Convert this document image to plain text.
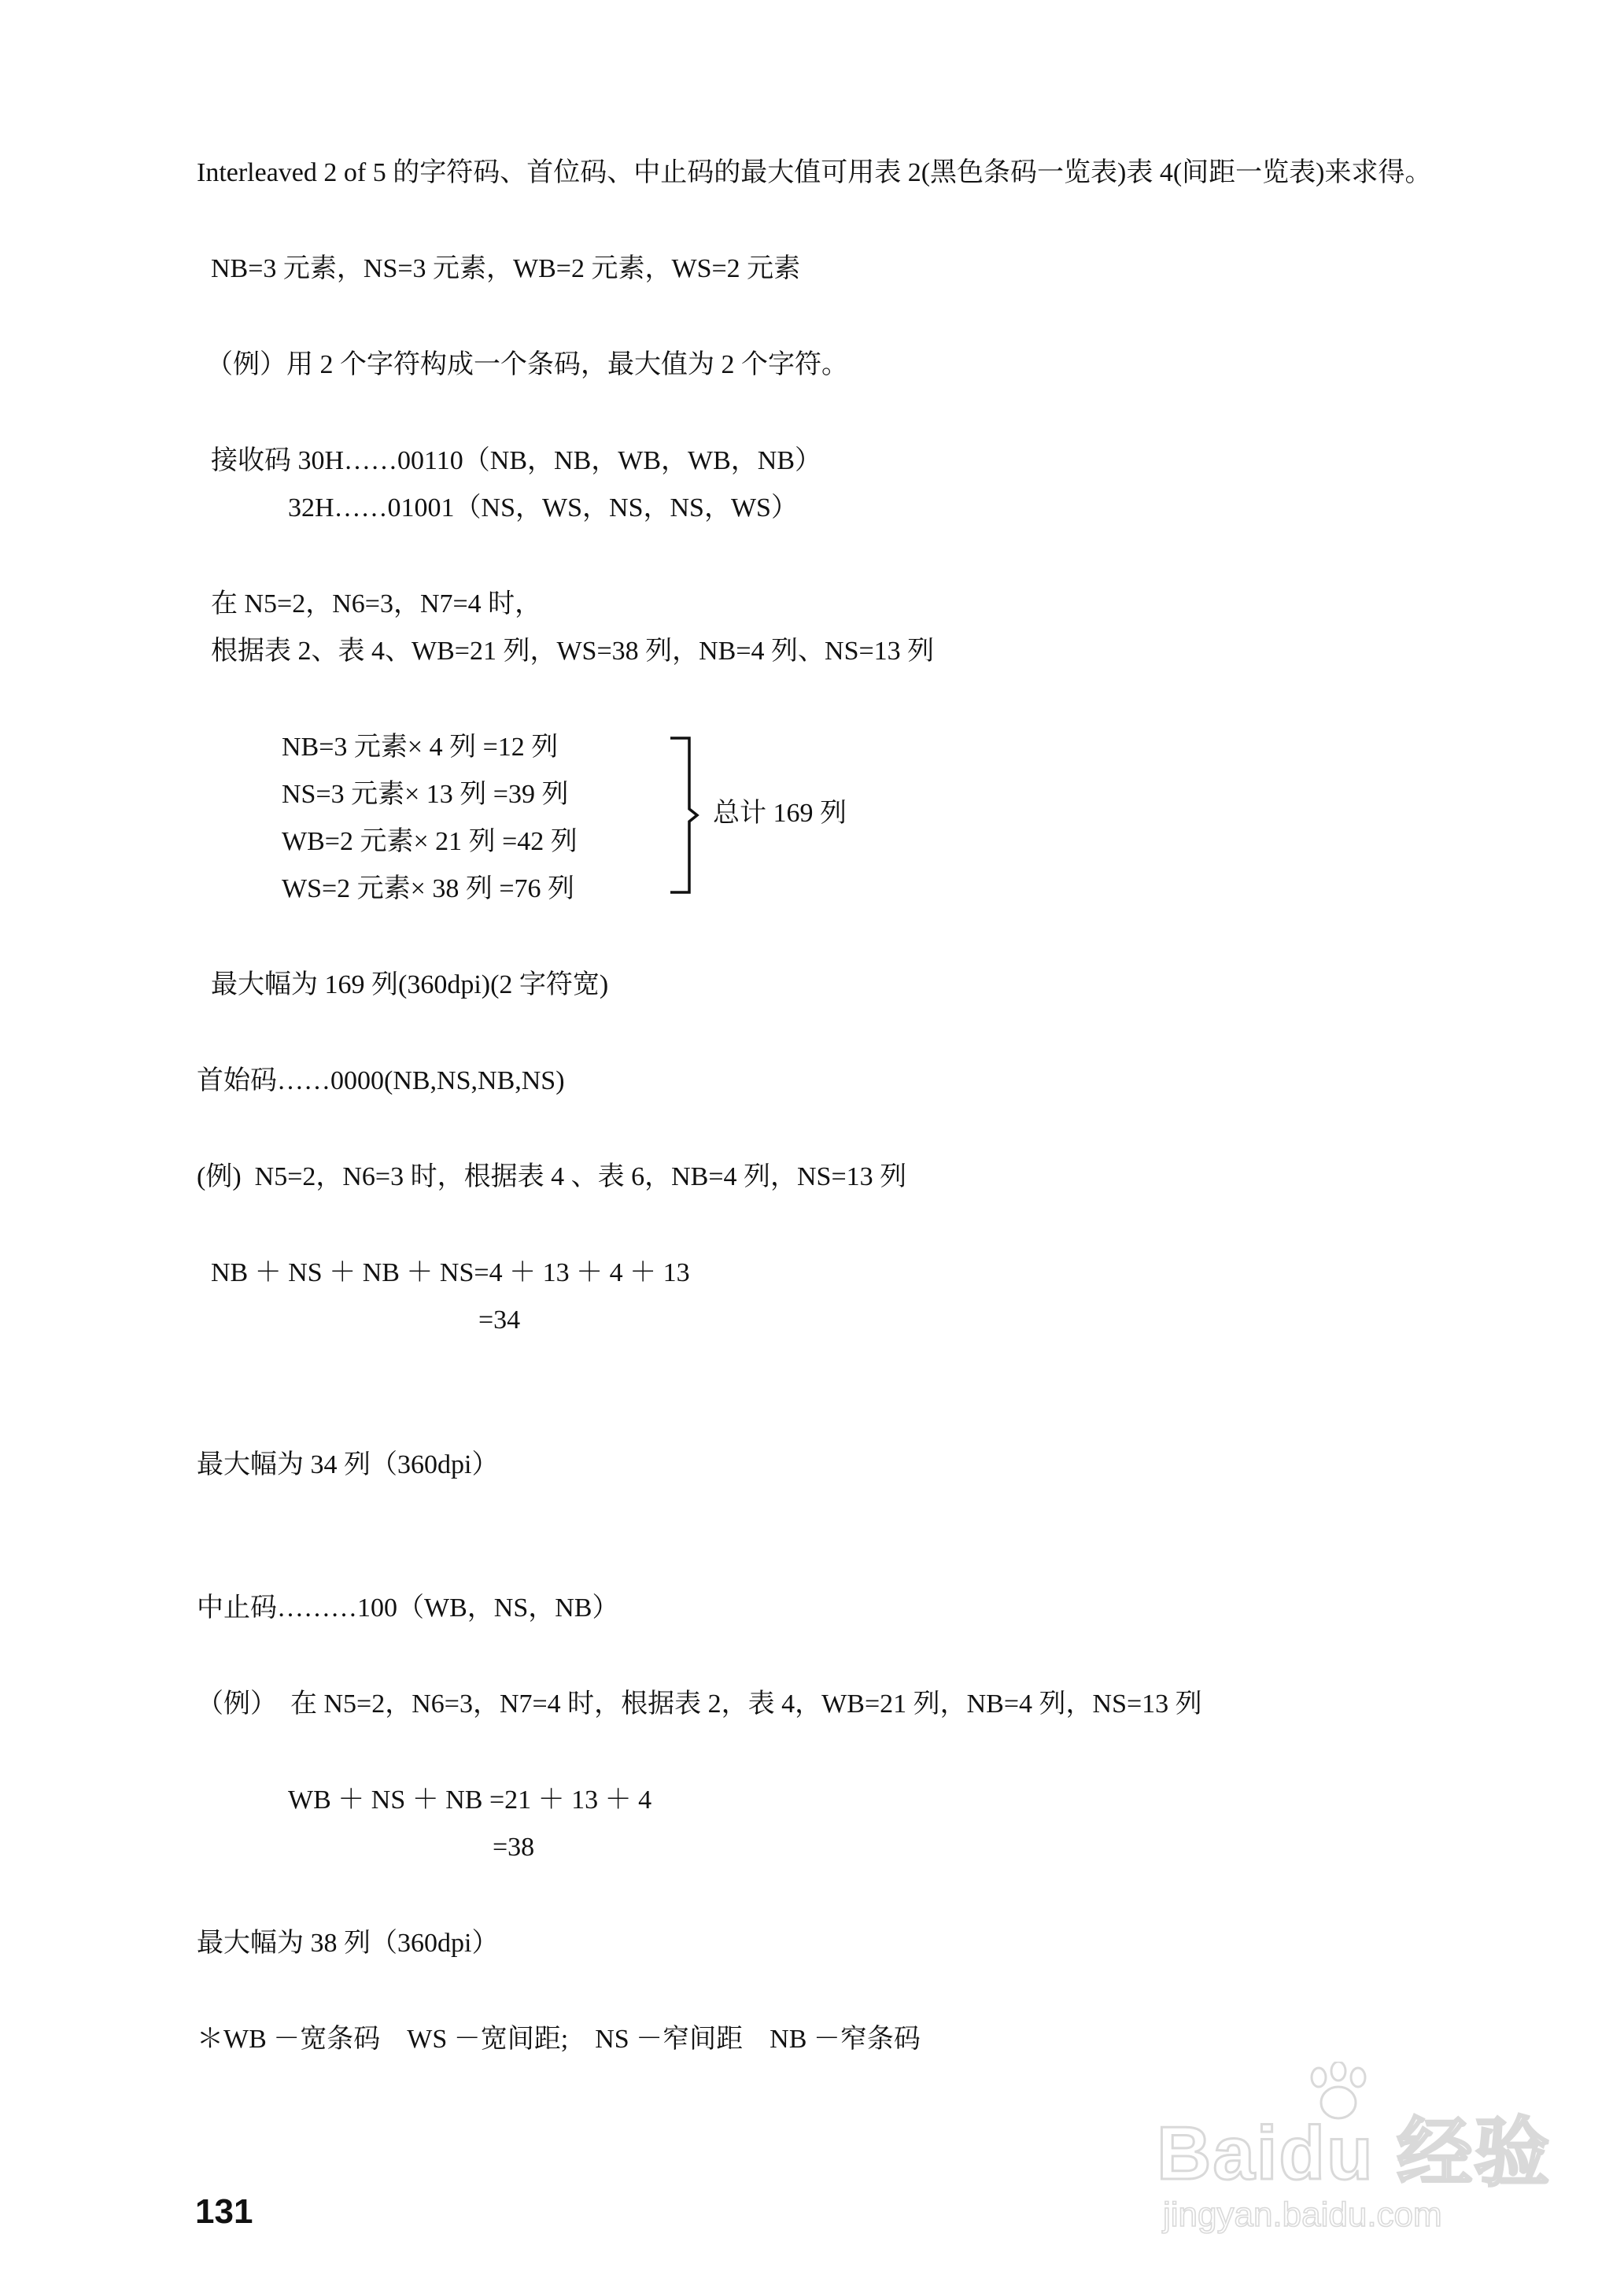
Interleaved 2 of 5 的字符码、首位码、中止码的最大值可用表 2(黑色条码一览表)表 4(间距一览表)来求得。
NB=3 元素，NS=3 元素，WB=2 元素，WS=2 元素
（例）用 2 个字符构成一个条码，最大值为 2 个字符。
接收码 30H……00110（NB，NB，WB，WB，NB）
32H……01001（NS，WS，NS，NS，WS）
在 N5=2，N6=3，N7=4 时，
根据表 2、表 4、WB=21 列，WS=38 列，NB=4 列、NS=13 列
NB=3 元素× 4 列 =12 列
NS=3 元素× 13 列 =39 列
WB=2 元素× 21 列 =42 列
WS=2 元素× 38 列 =76 列
总计 169 列
最大幅为 169 列(360dpi)(2 字符宽)
首始码……0000(NB,NS,NB,NS)
(例)  N5=2，N6=3 时，根据表 4 、表 6，NB=4 列，NS=13 列
NB ＋ NS ＋ NB ＋ NS=4 ＋ 13 ＋ 4 ＋ 13
=34
最大幅为 34 列（360dpi）
中止码………100（WB，NS，NB）
（例）  在 N5=2，N6=3，N7=4 时，根据表 2，表 4，WB=21 列，NB=4 列，NS=13 列
WB ＋ NS ＋ NB =21 ＋ 13 ＋ 4
=38
最大幅为 38 列（360dpi）
＊WB －宽条码    WS －宽间距;    NS －窄间距    NB －窄条码
131
Baidu 经验
jingyan.baidu.com
